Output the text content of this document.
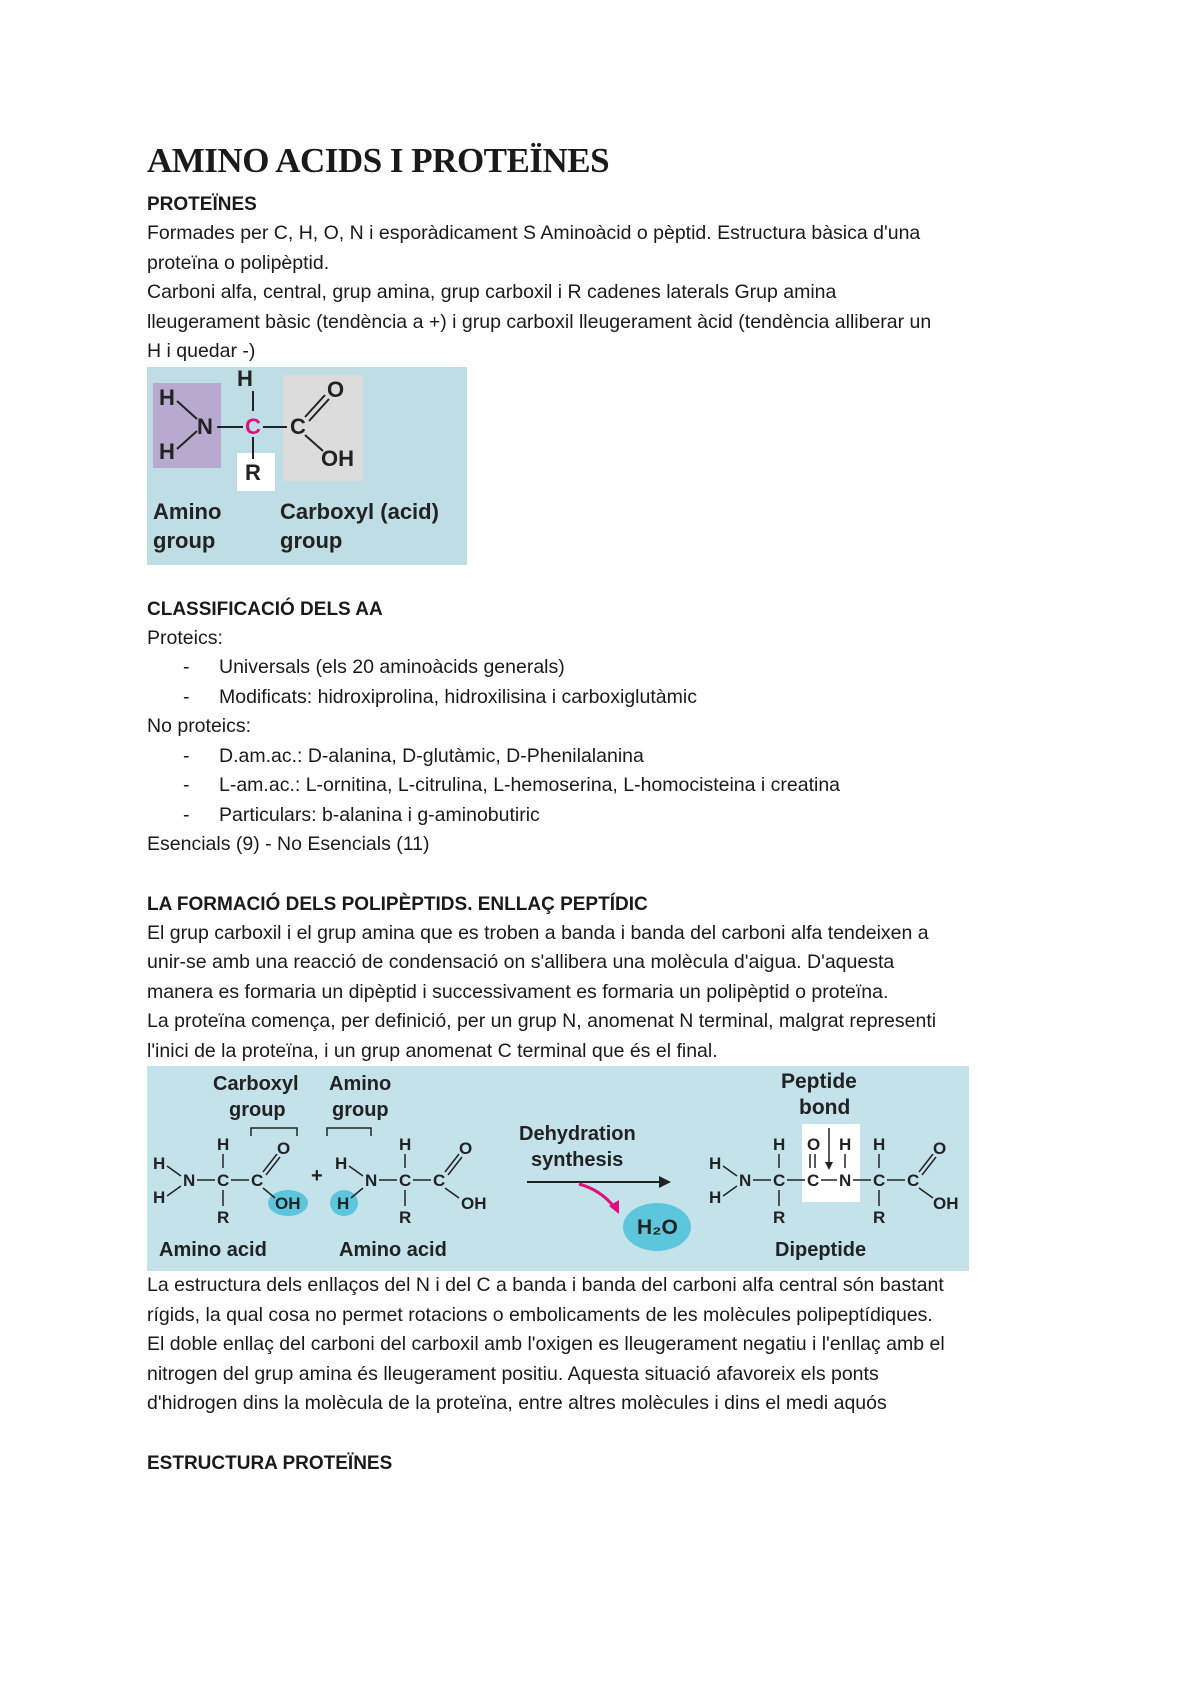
AMINO ACIDS I PROTEÏNES

PROTEÏNES

Formades per C, H, O, N i esporàdicament S Aminoàcid o pèptid. Estructura bàsica d'una

proteïna o polipèptid.

Carboni alfa, central, grup amina, grup carboxil i R cadenes laterals Grup amina

lleugerament bàsic (tendència a +) i grup carboxil lleugerament àcid (tendència alliberar un

H i quedar -)

H
H
H
N C C
O
OH
R
Amino
group
Carboxyl (acid)
group

CLASSIFICACIÓ DELS AA

Proteics:

-	Universals (els 20 aminoàcids generals)
-	Modificats: hidroxiprolina, hidroxilisina i carboxiglutàmic

No proteics:

-	D.am.ac.: D-alanina, D-glutàmic, D-Phenilalanina
-	L-am.ac.: L-ornitina, L-citrulina, L-hemoserina, L-homocisteina i creatina
-	Particulars: b-alanina i g-aminobutiric

Esencials (9) - No Esencials (11)

LA FORMACIÓ DELS POLIPÈPTIDS. ENLLAÇ PEPTÍDIC

El grup carboxil i el grup amina que es troben a banda i banda del carboni alfa tendeixen a

unir-se amb una reacció de condensació on s'allibera una molècula d'aigua. D'aquesta

manera es formaria un dipèptid i successivament es formaria un polipèptid o proteïna.

La proteïna comença, per definició, per un grup N, anomenat N terminal, malgrat representi

l'inici de la proteïna, i un grup anomenat C terminal que és el final.

Carboxyl
group
Amino
group
Dehydration
synthesis
Peptide
bond
Amino acid	Amino acid	Dipeptide
H
H
N C
H
R
C
O
OH
+
H
H
N C
H
R
C
O
OH
H
H
N C
H
R
C
O
N
H
C
H
R
C
O
OH
H₂O

La estructura dels enllaços del N i del C a banda i banda del carboni alfa central són bastant

rígids, la qual cosa no permet rotacions o embolicaments de les molècules polipeptídiques.

El doble enllaç del carboni del carboxil amb l'oxigen es lleugerament negatiu i l'enllaç amb el

nitrogen del grup amina és lleugerament positiu. Aquesta situació afavoreix els ponts

d'hidrogen dins la molècula de la proteïna, entre altres molècules i dins el medi aquós

ESTRUCTURA PROTEÏNES
